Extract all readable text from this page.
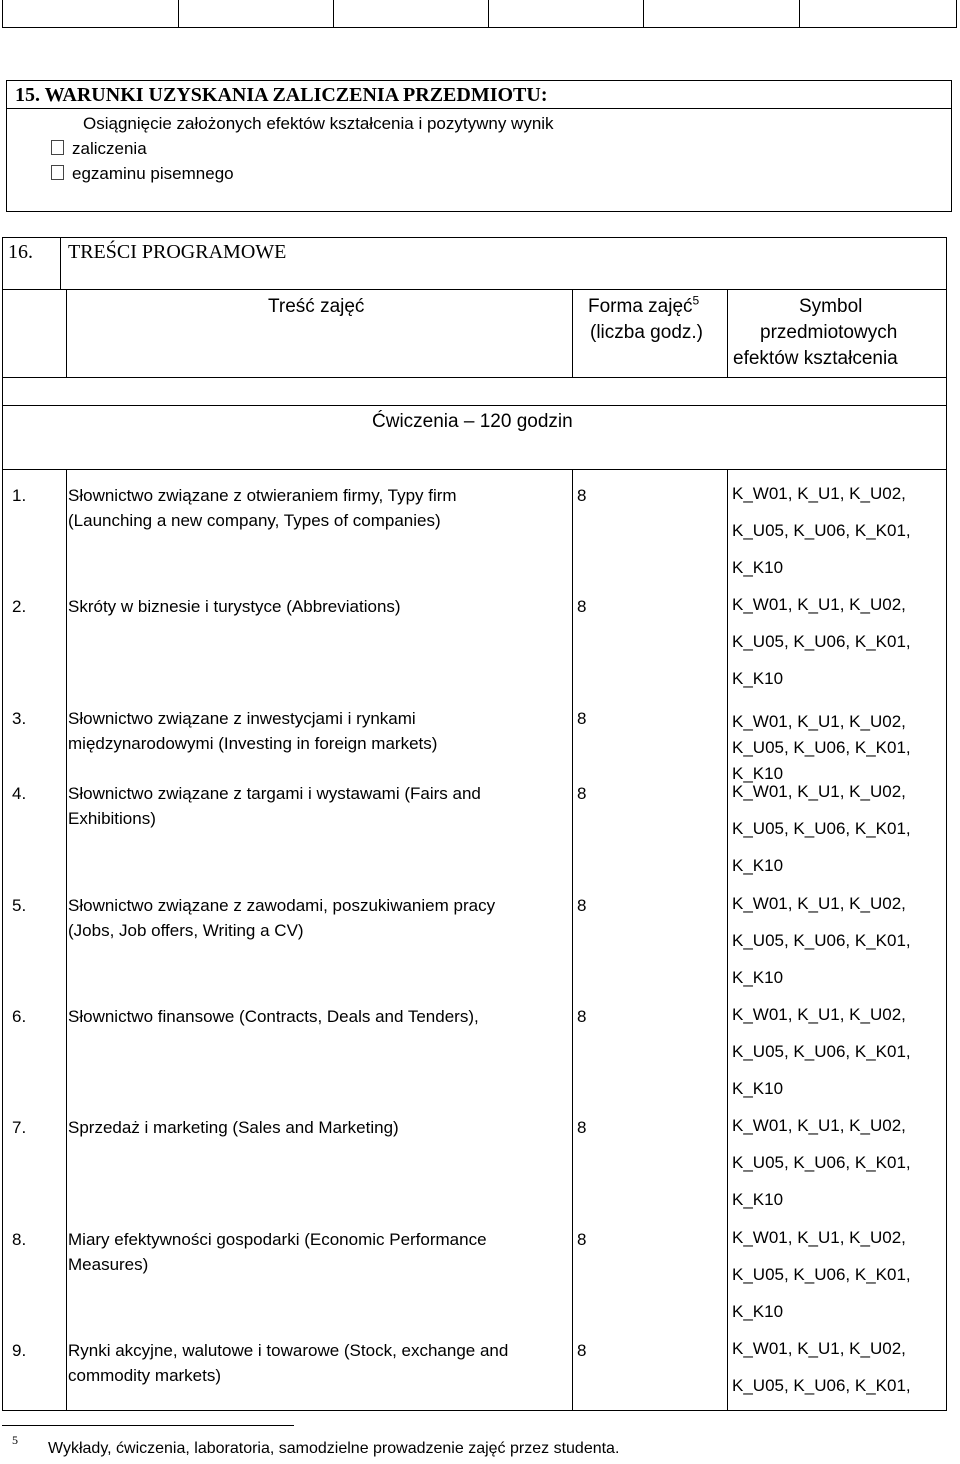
15. WARUNKI UZYSKANIA ZALICZENIA PRZEDMIOTU:
Osiągnięcie założonych efektów kształcenia i pozytywny wynik
zaliczenia
egzaminu pisemnego
16. TREŚCI PROGRAMOWE
Treść zajęć	Forma zajęć$^5$
(liczba godz.)
Symbol
przedmiotowych
efektów kształcenia
Ćwiczenia – 120 godzin
1. Słownictwo związane z otwieraniem firmy, Typy firm
(Launching a new company, Types of companies)
8	K_W01, K_U1, K_U02,
K_U05, K_U06, K_K01,
K_K10
2. Skróty w biznesie i turystyce (Abbreviations)	8	K_W01, K_U1, K_U02,
K_U05, K_U06, K_K01,
K_K10
3. Słownictwo związane z inwestycjami i rynkami
międzynarodowymi (Investing in foreign markets)
8	K_W01, K_U1, K_U02,
K_U05, K_U06, K_K01,
K_K10
4. Słownictwo związane z targami i wystawami (Fairs and
Exhibitions)
8	K_W01, K_U1, K_U02,
K_U05, K_U06, K_K01,
K_K10
5. Słownictwo związane z zawodami, poszukiwaniem pracy
(Jobs, Job offers, Writing a CV)
8	K_W01, K_U1, K_U02,
K_U05, K_U06, K_K01,
K_K10
6. Słownictwo finansowe (Contracts, Deals and Tenders),	8	K_W01, K_U1, K_U02,
K_U05, K_U06, K_K01,
K_K10
7. Sprzedaż i marketing (Sales and Marketing)	8	K_W01, K_U1, K_U02,
K_U05, K_U06, K_K01,
K_K10
8. Miary efektywności gospodarki (Economic Performance
Measures)
8	K_W01, K_U1, K_U02,
K_U05, K_U06, K_K01,
K_K10
9. Rynki akcyjne, walutowe i towarowe (Stock, exchange and
commodity markets)
8	K_W01, K_U1, K_U02,
K_U05, K_U06, K_K01,
5 Wykłady, ćwiczenia, laboratoria, samodzielne prowadzenie zajęć przez studenta.
